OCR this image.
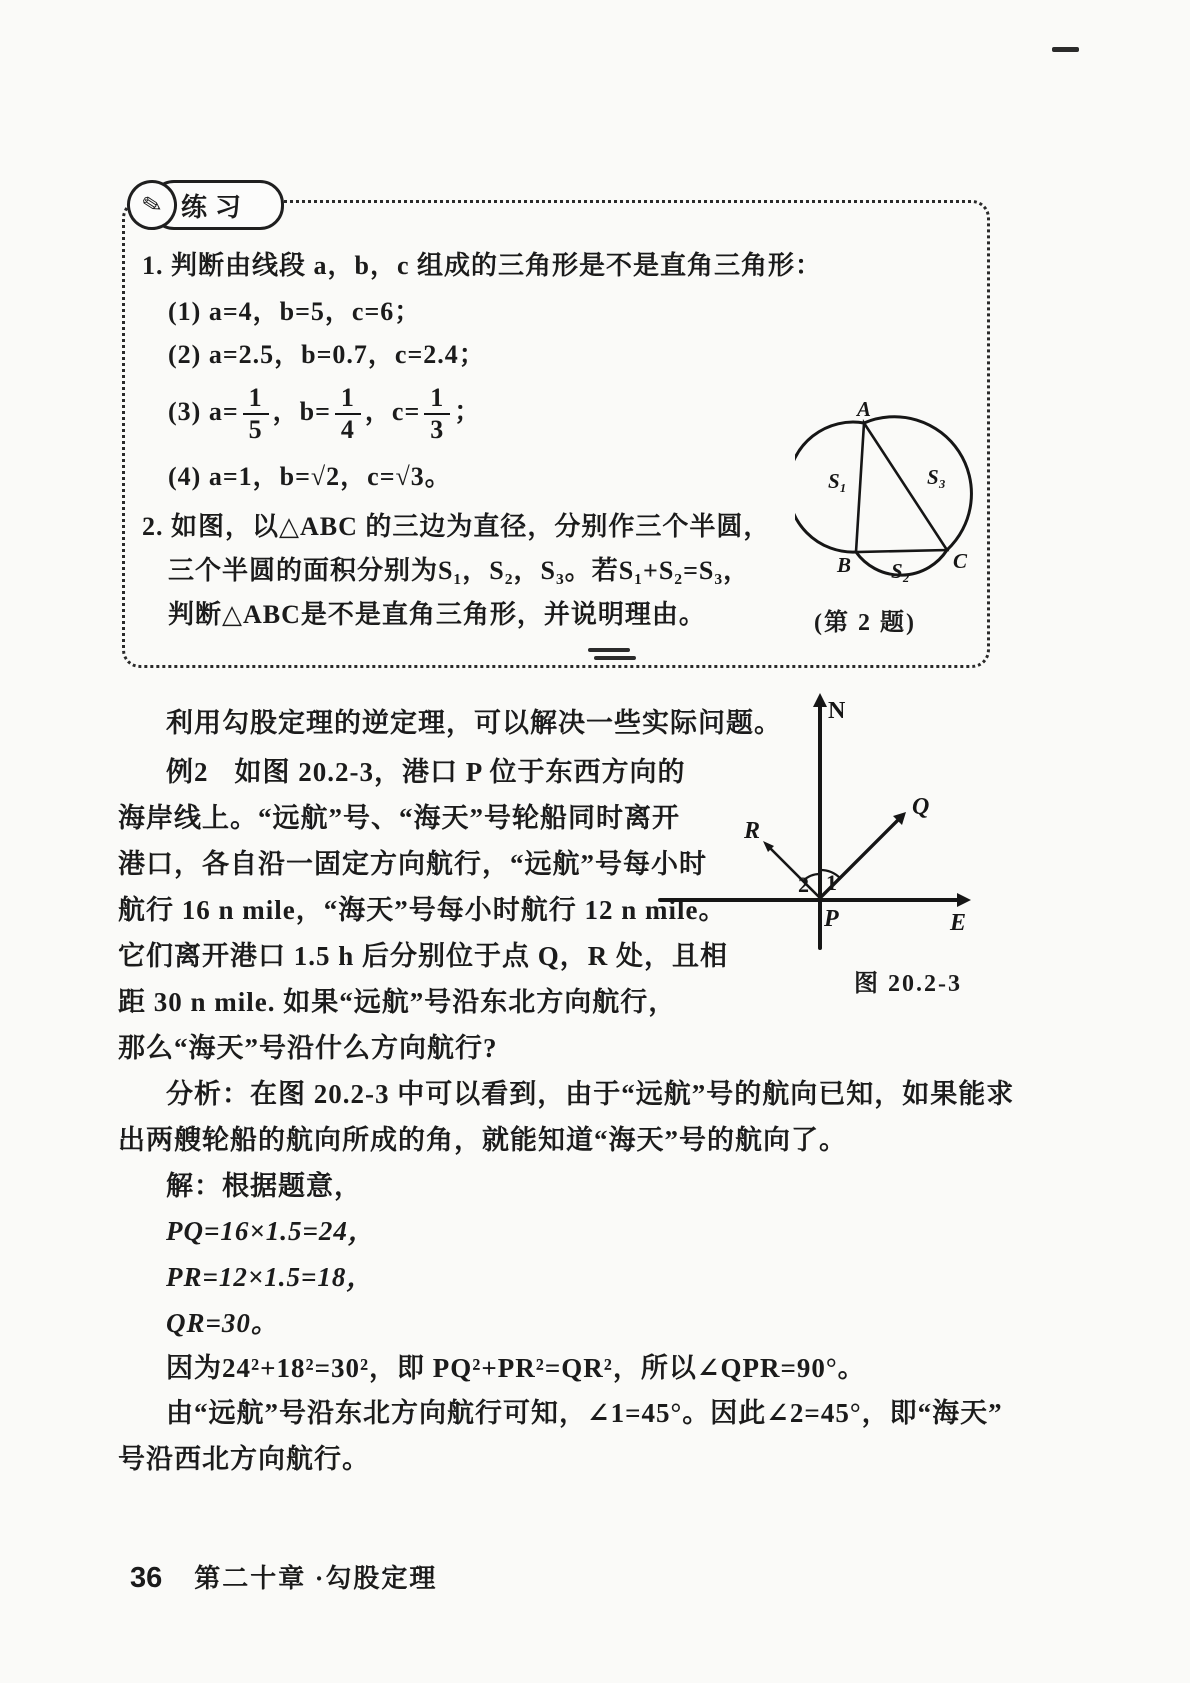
✎ 练习
1. 判断由线段 a，b，c 组成的三角形是不是直角三角形：
(1) a=4，b=5，c=6；
(2) a=2.5，b=0.7，c=2.4；
(3) $a= \frac{1}{5}$ ，$b= \frac{1}{4}$ ，$c= \frac{1}{3}$ ；
(4) a=1，b=√2，c=√3。
2. 如图，以△ABC 的三边为直径，分别作三个半圆，
三个半圆的面积分别为S₁，S₂，S₃。若S₁+S₂=S₃，
判断△ABC是不是直角三角形，并说明理由。
A
B	C
S₁	S₃
S₂
(第 2 题)
利用勾股定理的逆定理，可以解决一些实际问题。
例2 如图 20.2-3，港口 P 位于东西方向的
海岸线上。“远航”号、“海天”号轮船同时离开
港口，各自沿一固定方向航行，“远航”号每小时
航行 16 n mile，“海天”号每小时航行 12 n mile。
它们离开港口 1.5 h 后分别位于点 Q，R 处，且相
距 30 n mile. 如果“远航”号沿东北方向航行，
那么“海天”号沿什么方向航行?
N
E
P
Q
R
1
2
图 20.2-3
分析：在图 20.2-3 中可以看到，由于“远航”号的航向已知，如果能求
出两艘轮船的航向所成的角，就能知道“海天”号的航向了。
解：根据题意，
PQ=16×1.5=24，
PR=12×1.5=18，
QR=30。
因为24²+18²=30²，即 PQ²+PR²=QR²，所以∠QPR=90°。
由“远航”号沿东北方向航行可知，∠1=45°。因此∠2=45°，即“海天”
号沿西北方向航行。
36 第二十章 ·勾股定理
